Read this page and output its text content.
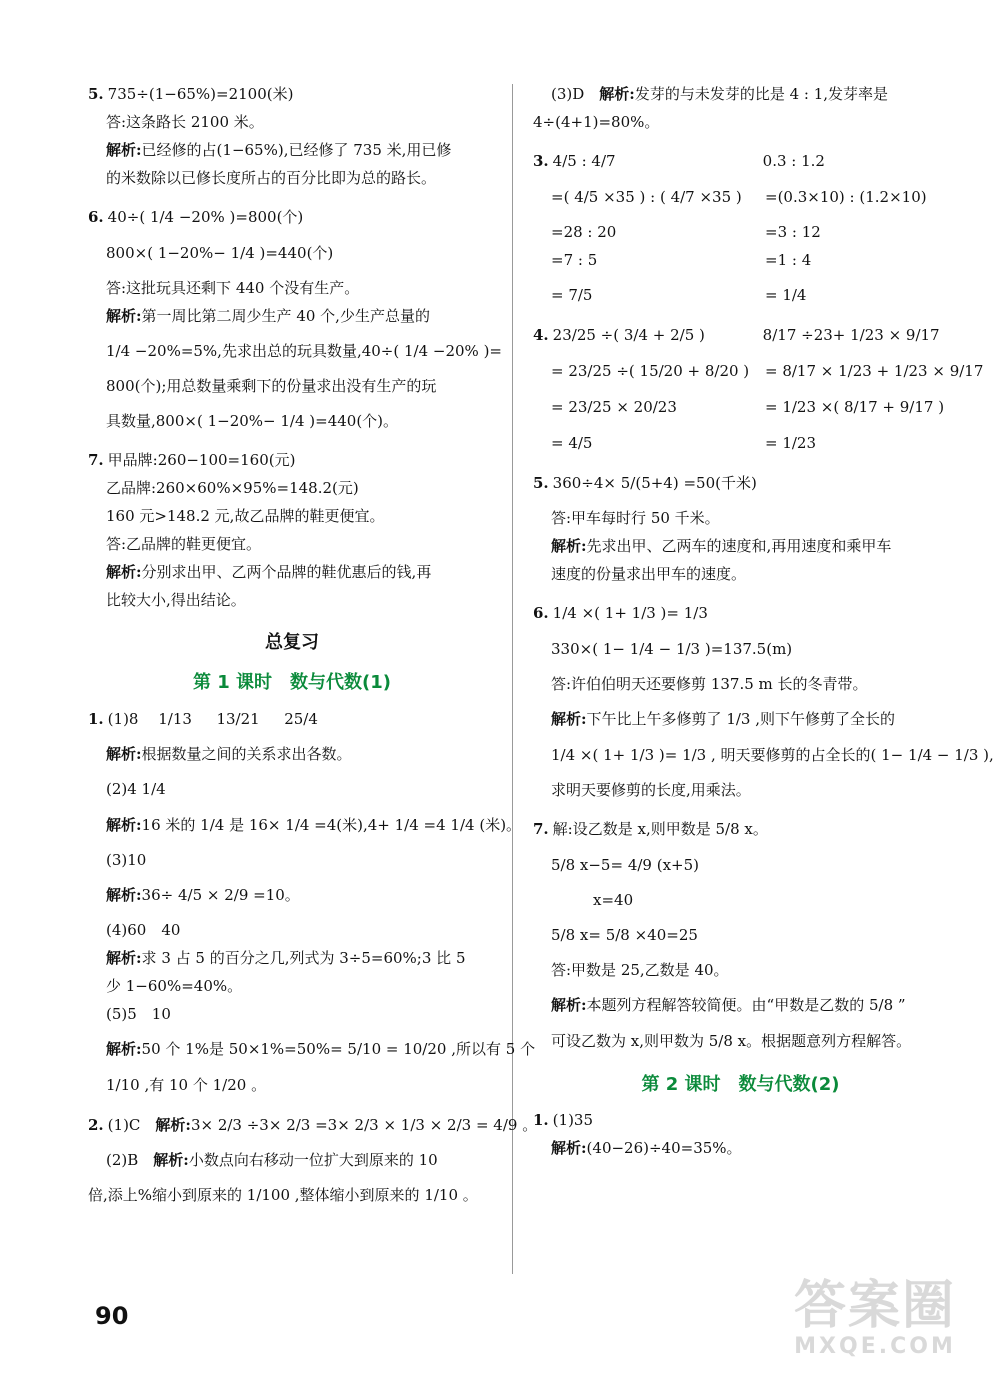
5. 735÷(1−65%)=2100(米)

答:这条路长 2100 米。

解析:已经修的占(1−65%),已经修了 735 米,用已修

的米数除以已修长度所占的百分比即为总的路长。

6. 40÷( 1/4 −20% )=800(个)

800×( 1−20%− 1/4 )=440(个)

答:这批玩具还剩下 440 个没有生产。

解析:第一周比第二周少生产 40 个,少生产总量的

1/4 −20%=5%,先求出总的玩具数量,40÷( 1/4 −20% )=

800(个);用总数量乘剩下的份量求出没有生产的玩

具数量,800×( 1−20%− 1/4 )=440(个)。

7. 甲品牌:260−100=160(元)

乙品牌:260×60%×95%=148.2(元)

160 元>148.2 元,故乙品牌的鞋更便宜。

答:乙品牌的鞋更便宜。

解析:分别求出甲、乙两个品牌的鞋优惠后的钱,再

比较大小,得出结论。

总复习
第 1 课时　数与代数(1)

1. (1)8　 1/13 　 13/21 　 25/4

解析:根据数量之间的关系求出各数。

(2)4 1/4

解析:16 米的 1/4 是 16× 1/4 =4(米),4+ 1/4 =4 1/4 (米)。

(3)10

解析:36÷ 4/5 × 2/9 =10。

(4)60　40

解析:求 3 占 5 的百分之几,列式为 3÷5=60%;3 比 5

少 1−60%=40%。

(5)5　10

解析:50 个 1%是 50×1%=50%= 5/10 = 10/20 ,所以有 5 个

1/10 ,有 10 个 1/20 。

2. (1)C　解析:3× 2/3 ÷3× 2/3 =3× 2/3 × 1/3 × 2/3 = 4/9 。

(2)B　解析:小数点向右移动一位扩大到原来的 10

倍,添上%缩小到原来的 1/100 ,整体缩小到原来的 1/10 。

(3)D　解析:发芽的与未发芽的比是 4 : 1,发芽率是

4÷(4+1)=80%。

3. 4/5 : 4/7	0.3 : 1.2

=( 4/5 ×35 ) : ( 4/7 ×35 ) =(0.3×10) : (1.2×10)

=28 : 20	=3 : 12

=7 : 5	=1 : 4

= 7/5	= 1/4

4. 23/25 ÷( 3/4 + 2/5 )	8/17 ÷23+ 1/23 × 9/17

= 23/25 ÷( 15/20 + 8/20 ) = 8/17 × 1/23 + 1/23 × 9/17

= 23/25 × 20/23	= 1/23 ×( 8/17 + 9/17 )

= 4/5	= 1/23

5. 360÷4× 5/(5+4) =50(千米)

答:甲车每时行 50 千米。

解析:先求出甲、乙两车的速度和,再用速度和乘甲车

速度的份量求出甲车的速度。

6. 1/4 ×( 1+ 1/3 )= 1/3

330×( 1− 1/4 − 1/3 )=137.5(m)

答:许伯伯明天还要修剪 137.5 m 长的冬青带。

解析:下午比上午多修剪了 1/3 ,则下午修剪了全长的

1/4 ×( 1+ 1/3 )= 1/3 , 明天要修剪的占全长的( 1− 1/4 − 1/3 ),

求明天要修剪的长度,用乘法。

7. 解:设乙数是 x,则甲数是 5/8 x。

5/8 x−5= 4/9 (x+5)

x=40

5/8 x= 5/8 ×40=25

答:甲数是 25,乙数是 40。

解析:本题列方程解答较简便。由“甲数是乙数的 5/8 ”

可设乙数为 x,则甲数为 5/8 x。根据题意列方程解答。

第 2 课时　数与代数(2)

1. (1)35

解析:(40−26)÷40=35%。

90	答案圈
MXQE.COM
